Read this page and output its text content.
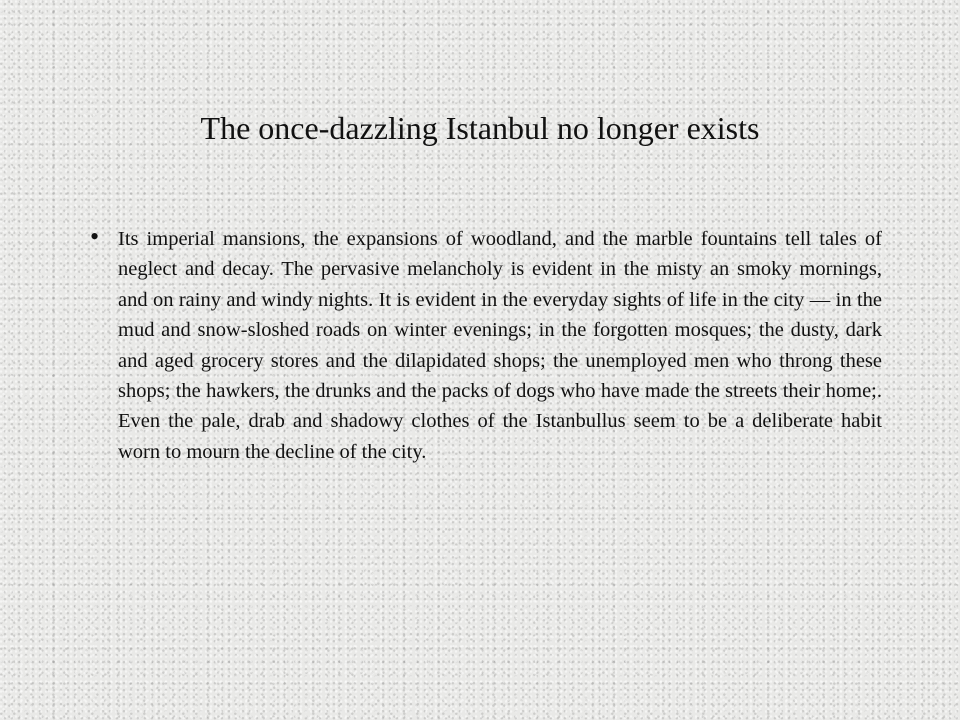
The once-dazzling Istanbul no longer exists
• Its imperial mansions, the expansions of woodland, and the marble fountains tell tales of neglect and decay. The pervasive melancholy is evident in the misty an smoky mornings, and on rainy and windy nights. It is evident in the everyday sights of life in the city — in the mud and snow-sloshed roads on winter evenings; in the forgotten mosques; the dusty, dark and aged grocery stores and the dilapidated shops; the unemployed men who throng these shops; the hawkers, the drunks and the packs of dogs who have made the streets their home;. Even the pale, drab and shadowy clothes of the Istanbullus seem to be a deliberate habit worn to mourn the decline of the city.
